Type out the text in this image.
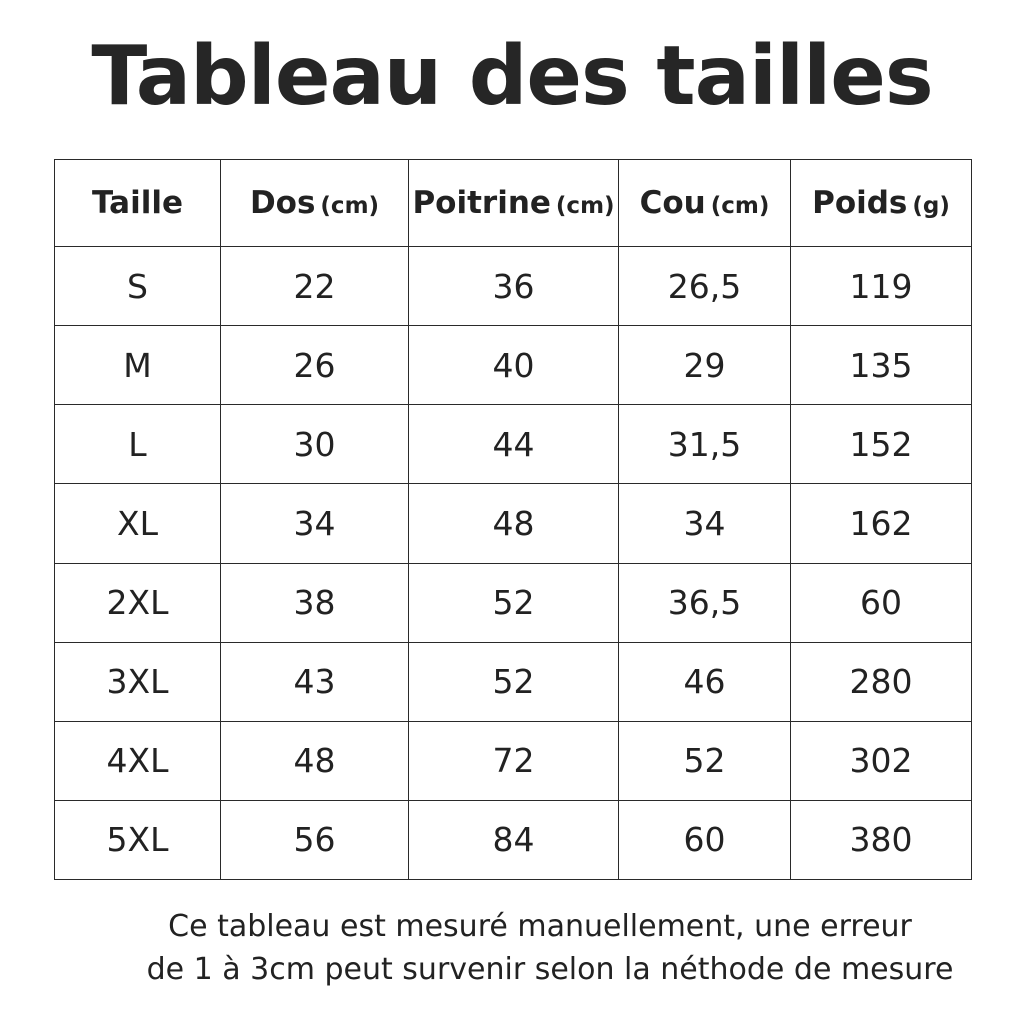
Tableau des tailles
Taille	Dos (cm)	Poitrine (cm)	Cou (cm)	Poids (g)
S	22	36	26,5	119
M	26	40	29	135
L	30	44	31,5	152
XL	34	48	34	162
2XL	38	52	36,5	60
3XL	43	52	46	280
4XL	48	72	52	302
5XL	56	84	60	380
Ce tableau est mesuré manuellement, une erreur
de 1 à 3cm peut survenir selon la néthode de mesure
